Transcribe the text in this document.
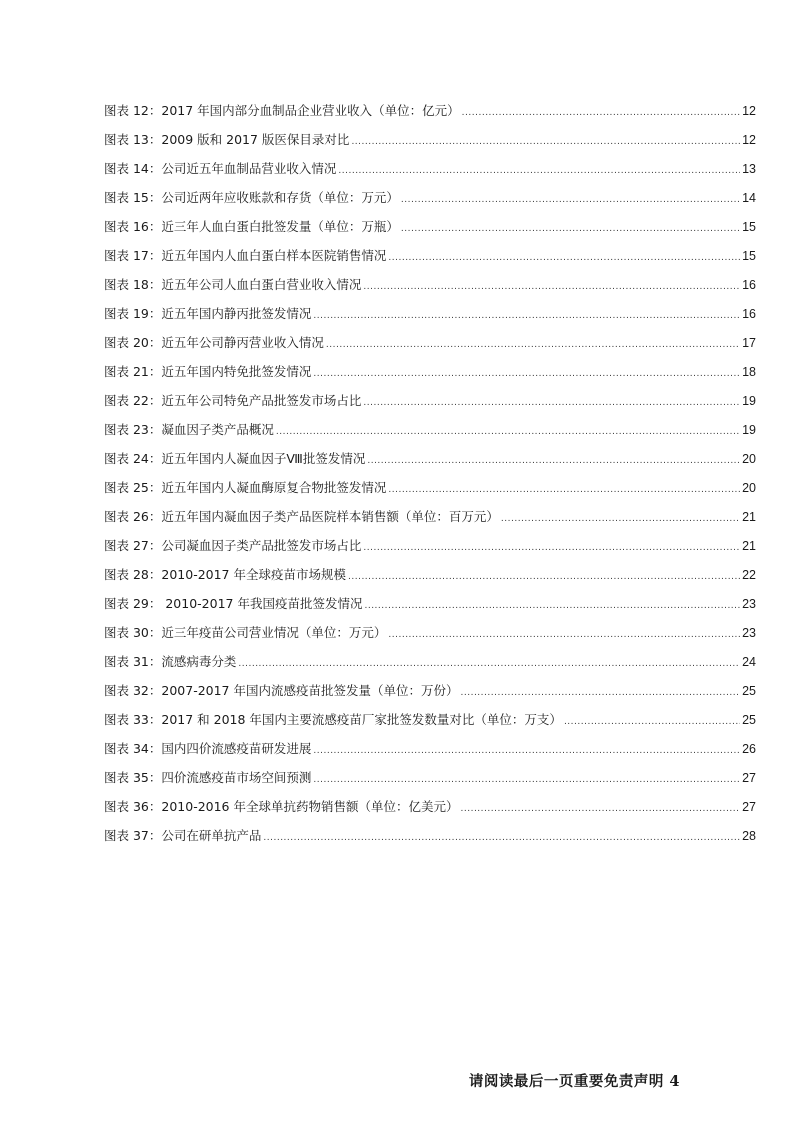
图表 12：2017 年国内部分血制品企业营业收入（单位：亿元） .....	12
图表 13：2009 版和 2017 版医保目录对比 .....	12
图表 14：公司近五年血制品营业收入情况 .....	13
图表 15：公司近两年应收账款和存货（单位：万元） .....	14
图表 16：近三年人血白蛋白批签发量（单位：万瓶） .....	15
图表 17：近五年国内人血白蛋白样本医院销售情况 .....	15
图表 18：近五年公司人血白蛋白营业收入情况 .....	16
图表 19：近五年国内静丙批签发情况 .....	16
图表 20：近五年公司静丙营业收入情况 .....	17
图表 21：近五年国内特免批签发情况 .....	18
图表 22：近五年公司特免产品批签发市场占比 .....	19
图表 23：凝血因子类产品概况 .....	19
图表 24：近五年国内人凝血因子Ⅷ批签发情况 .....	20
图表 25：近五年国内人凝血酶原复合物批签发情况 .....	20
图表 26：近五年国内凝血因子类产品医院样本销售额（单位：百万元） .....	21
图表 27：公司凝血因子类产品批签发市场占比 .....	21
图表 28：2010-2017 年全球疫苗市场规模 .....	22
图表 29： 2010-2017 年我国疫苗批签发情况 .....	23
图表 30：近三年疫苗公司营业情况（单位：万元） .....	23
图表 31：流感病毒分类 .....	24
图表 32：2007-2017 年国内流感疫苗批签发量（单位：万份） .....	25
图表 33：2017 和 2018 年国内主要流感疫苗厂家批签发数量对比（单位：万支） .....	25
图表 34：国内四价流感疫苗研发进展 .....	26
图表 35：四价流感疫苗市场空间预测 .....	27
图表 36：2010-2016 年全球单抗药物销售额（单位：亿美元） .....	27
图表 37：公司在研单抗产品 .....	28
请阅读最后一页重要免责声明 4
